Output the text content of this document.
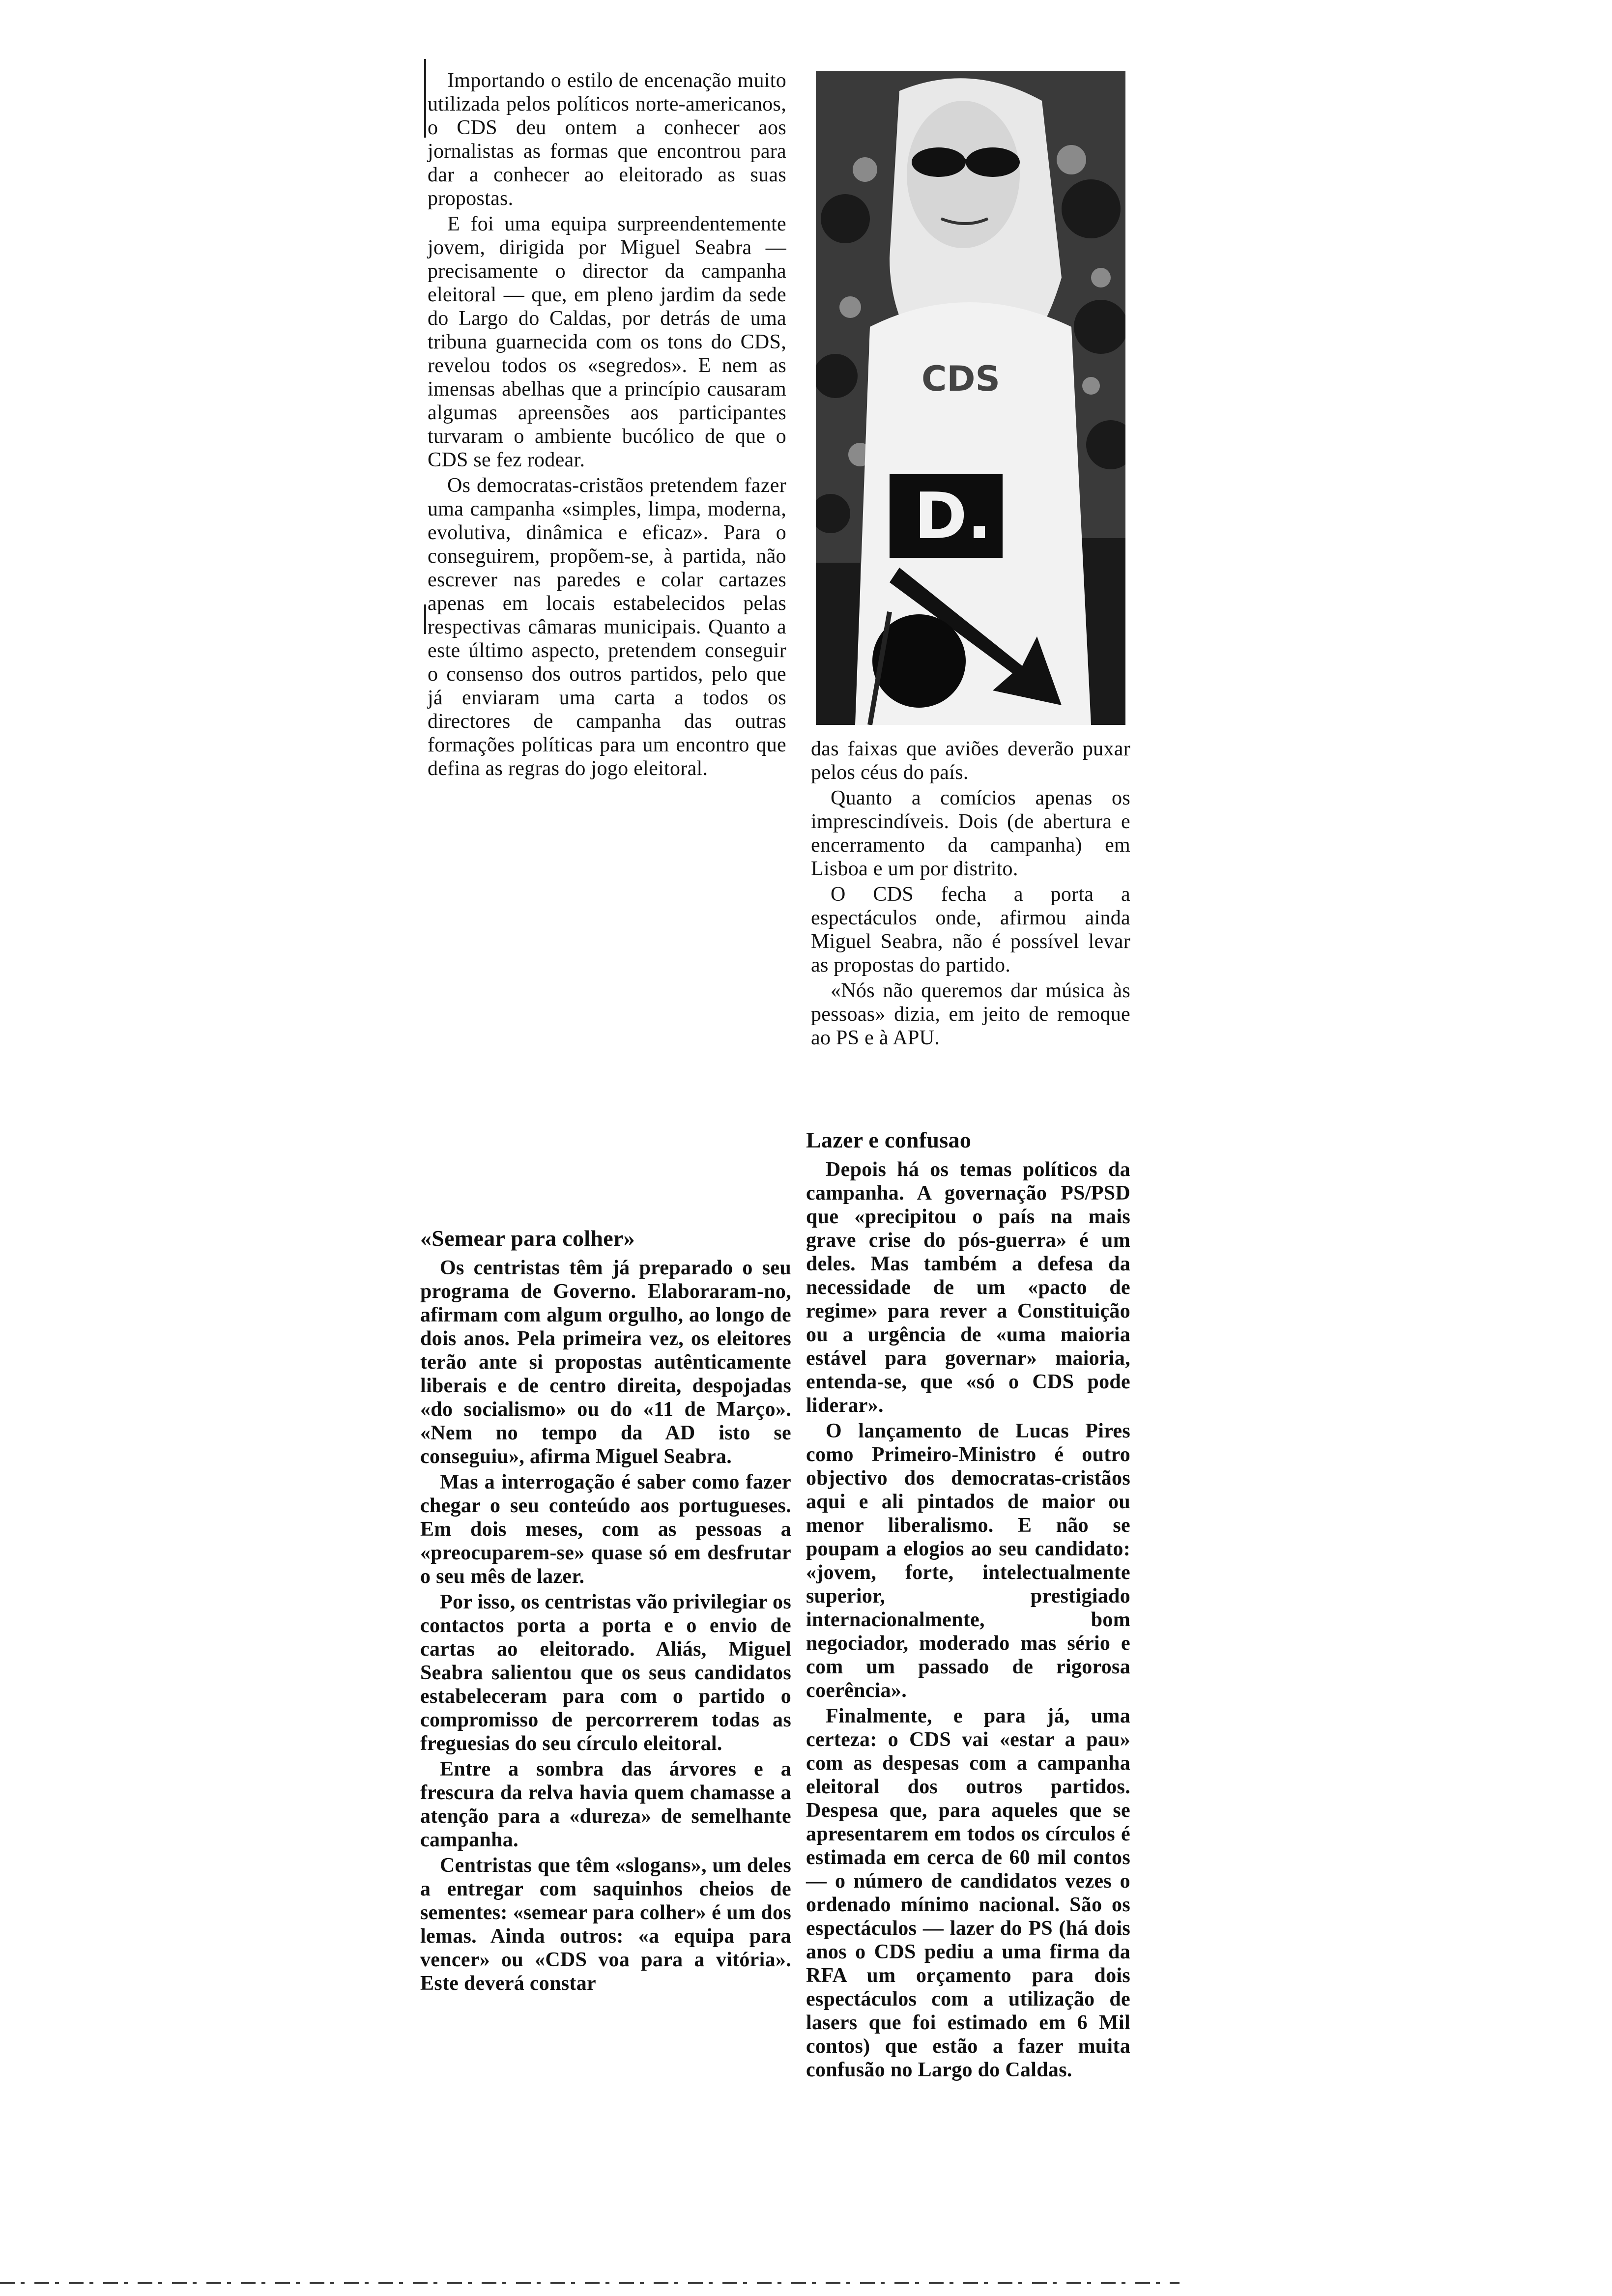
Importando o estilo de encenação muito utilizada pelos políticos norte-americanos, o CDS deu ontem a conhecer aos jornalistas as formas que encontrou para dar a conhecer ao eleitorado as suas propostas.

E foi uma equipa surpreendentemente jovem, dirigida por Miguel Seabra — precisamente o director da campanha eleitoral — que, em pleno jardim da sede do Largo do Caldas, por detrás de uma tribuna guarnecida com os tons do CDS, revelou todos os «segredos». E nem as imensas abelhas que a princípio causaram algumas apreensões aos participantes turvaram o ambiente bucólico de que o CDS se fez rodear.

Os democratas-cristãos pretendem fazer uma campanha «simples, limpa, moderna, evolutiva, dinâmica e eficaz». Para o conseguirem, propõem-se, à partida, não escrever nas paredes e colar cartazes apenas em locais estabelecidos pelas respectivas câmaras municipais. Quanto a este último aspecto, pretendem conseguir o consenso dos outros partidos, pelo que já enviaram uma carta a todos os directores de campanha das outras formações políticas para um encontro que defina as regras do jogo eleitoral.

«Semear para colher»

Os centristas têm já preparado o seu programa de Governo. Elaboraram-no, afirmam com algum orgulho, ao longo de dois anos. Pela primeira vez, os eleitores terão ante si propostas autênticamente liberais e de centro direita, despojadas «do socialismo» ou do «11 de Março». «Nem no tempo da AD isto se conseguiu», afirma Miguel Seabra.

Mas a interrogação é saber como fazer chegar o seu conteúdo aos portugueses. Em dois meses, com as pessoas a «preocuparem-se» quase só em desfrutar o seu mês de lazer.

Por isso, os centristas vão privilegiar os contactos porta a porta e o envio de cartas ao eleitorado. Aliás, Miguel Seabra salientou que os seus candidatos estabeleceram para com o partido o compromisso de percorrerem todas as freguesias do seu círculo eleitoral.

Entre a sombra das árvores e a frescura da relva havia quem chamasse a atenção para a «dureza» de semelhante campanha.

Centristas que têm «slogans», um deles a entregar com saquinhos cheios de sementes: «semear para colher» é um dos lemas. Ainda outros: «a equipa para vencer» ou «CDS voa para a vitória». Este deverá constar

CDS
D.

das faixas que aviões deverão puxar pelos céus do país.

Quanto a comícios apenas os imprescindíveis. Dois (de abertura e encerramento da campanha) em Lisboa e um por distrito.

O CDS fecha a porta a espectáculos onde, afirmou ainda Miguel Seabra, não é possível levar as propostas do partido.

«Nós não queremos dar música às pessoas» dizia, em jeito de remoque ao PS e à APU.

Lazer e confusao

Depois há os temas políticos da campanha. A governação PS/PSD que «precipitou o país na mais grave crise do pós-guerra» é um deles. Mas também a defesa da necessidade de um «pacto de regime» para rever a Constituição ou a urgência de «uma maioria estável para governar» maioria, entenda-se, que «só o CDS pode liderar».

O lançamento de Lucas Pires como Primeiro-Ministro é outro objectivo dos democratas-cristãos aqui e ali pintados de maior ou menor liberalismo. E não se poupam a elogios ao seu candidato: «jovem, forte, intelectualmente superior, prestigiado internacionalmente, bom negociador, moderado mas sério e com um passado de rigorosa coerência».

Finalmente, e para já, uma certeza: o CDS vai «estar a pau» com as despesas com a campanha eleitoral dos outros partidos. Despesa que, para aqueles que se apresentarem em todos os círculos é estimada em cerca de 60 mil contos — o número de candidatos vezes o ordenado mínimo nacional. São os espectáculos — lazer do PS (há dois anos o CDS pediu a uma firma da RFA um orçamento para dois espectáculos com a utilização de lasers que foi estimado em 6 Mil contos) que estão a fazer muita confusão no Largo do Caldas.
